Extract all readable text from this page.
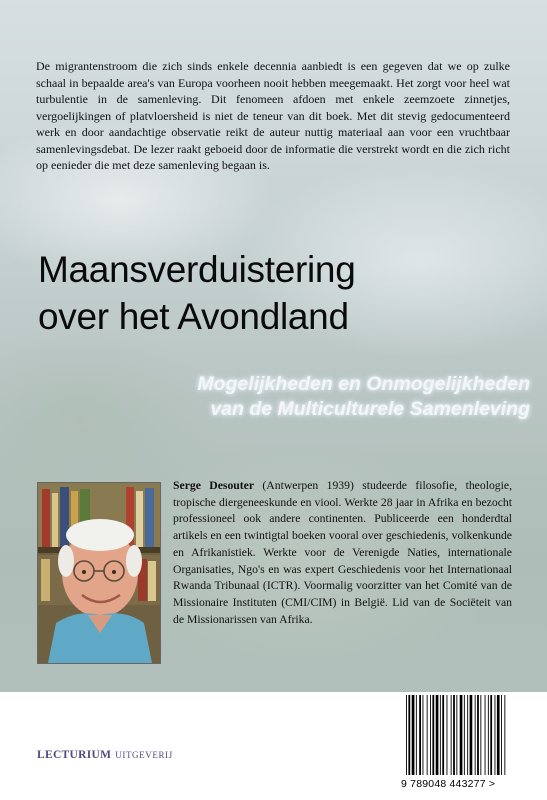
De migrantenstroom die zich sinds enkele decennia aanbiedt is een gegeven dat we op zulke schaal in bepaalde area's van Europa voorheen nooit hebben meegemaakt. Het zorgt voor heel wat turbulentie in de samenleving. Dit fenomeen afdoen met enkele zeemzoete zinnetjes, vergoelijkingen of platvloersheid is niet de teneur van dit boek. Met dit stevig gedocumenteerd werk en door aandachtige observatie reikt de auteur nuttig materiaal aan voor een vruchtbaar samenlevingsdebat. De lezer raakt geboeid door de informatie die verstrekt wordt en die zich richt op eenieder die met deze samenleving begaan is.

Maansverduistering
over het Avondland
Mogelijkheden en Onmogelijkheden
van de Multiculturele Samenleving

Serge Desouter (Antwerpen 1939) studeerde filosofie, theologie, tropische diergeneeskunde en viool. Werkte 28 jaar in Afrika en bezocht professioneel ook andere continenten. Publiceerde een honderdtal artikels en een twintigtal boeken vooral over geschiedenis, volkenkunde en Afrikanistiek. Werkte voor de Verenigde Naties, internationale Organisaties, Ngo's en was expert Geschiedenis voor het Internationaal Rwanda Tribunaal (ICTR). Voormalig voorzitter van het Comité van de Missionaire Instituten (CMI/CIM) in België. Lid van de Sociëteit van de Missionarissen van Afrika.

LECTURIUM UITGEVERIJ
9 789048 443277 >
